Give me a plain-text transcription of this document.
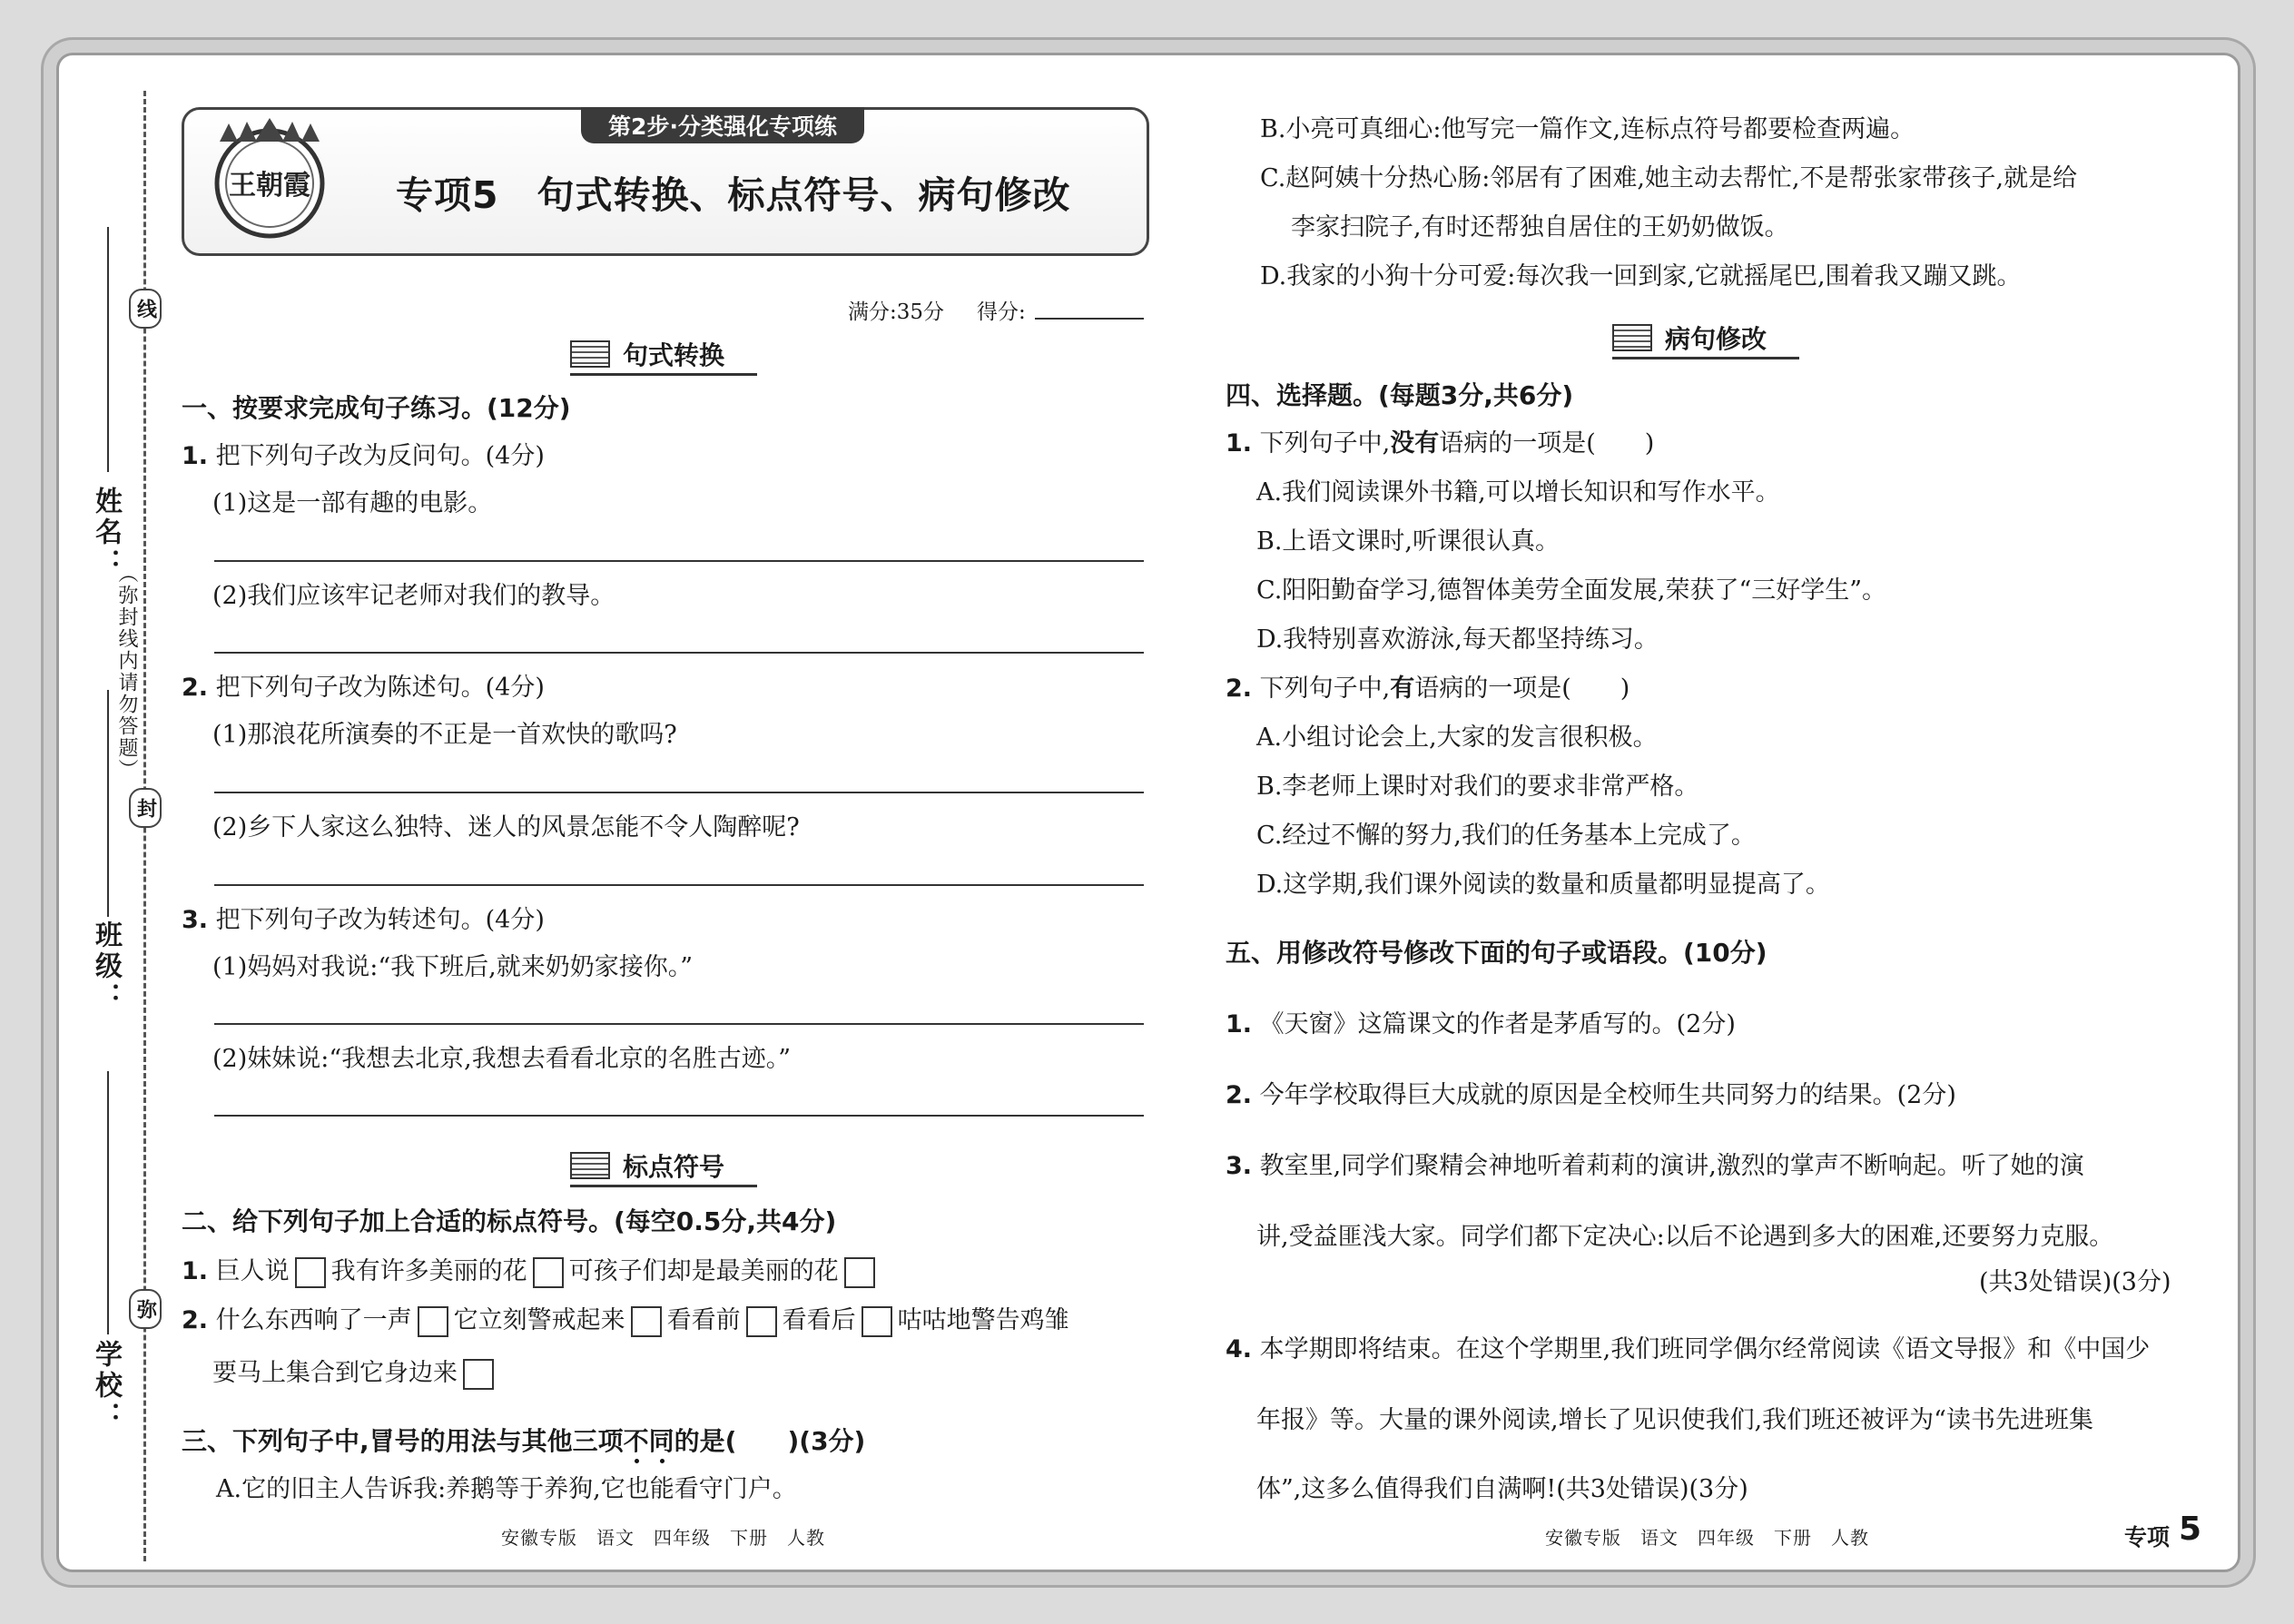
线
封
弥
（弥封线内请勿答题）
姓名：
班级：
学校：
王朝霞
第2步·分类强化专项练
专项5　句式转换、标点符号、病句修改
满分:35分 得分:
句式转换
一、按要求完成句子练习。(12分)
1. 把下列句子改为反问句。(4分)
(1)这是一部有趣的电影。
(2)我们应该牢记老师对我们的教导。
2. 把下列句子改为陈述句。(4分)
(1)那浪花所演奏的不正是一首欢快的歌吗?
(2)乡下人家这么独特、迷人的风景怎能不令人陶醉呢?
3. 把下列句子改为转述句。(4分)
(1)妈妈对我说:“我下班后,就来奶奶家接你。”
(2)妹妹说:“我想去北京,我想去看看北京的名胜古迹。”
标点符号
二、给下列句子加上合适的标点符号。(每空0.5分,共4分)
1. 巨人说 我有许多美丽的花 可孩子们却是最美丽的花
2. 什么东西响了一声 它立刻警戒起来 看看前 看看后 咕咕地警告鸡雏
要马上集合到它身边来
三、下列句子中,冒号的用法与其他三项不同的是(　　)(3分)
A.它的旧主人告诉我:养鹅等于养狗,它也能看守门户。
安徽专版　语文　四年级　下册　人教
B.小亮可真细心:他写完一篇作文,连标点符号都要检查两遍。
C.赵阿姨十分热心肠:邻居有了困难,她主动去帮忙,不是帮张家带孩子,就是给
李家扫院子,有时还帮独自居住的王奶奶做饭。
D.我家的小狗十分可爱:每次我一回到家,它就摇尾巴,围着我又蹦又跳。
病句修改
四、选择题。(每题3分,共6分)
1. 下列句子中,没有语病的一项是(　　)
A.我们阅读课外书籍,可以增长知识和写作水平。
B.上语文课时,听课很认真。
C.阳阳勤奋学习,德智体美劳全面发展,荣获了“三好学生”。
D.我特别喜欢游泳,每天都坚持练习。
2. 下列句子中,有语病的一项是(　　)
A.小组讨论会上,大家的发言很积极。
B.李老师上课时对我们的要求非常严格。
C.经过不懈的努力,我们的任务基本上完成了。
D.这学期,我们课外阅读的数量和质量都明显提高了。
五、用修改符号修改下面的句子或语段。(10分)
1. 《天窗》这篇课文的作者是茅盾写的。(2分)
2. 今年学校取得巨大成就的原因是全校师生共同努力的结果。(2分)
3. 教室里,同学们聚精会神地听着莉莉的演讲,激烈的掌声不断响起。听了她的演
讲,受益匪浅大家。同学们都下定决心:以后不论遇到多大的困难,还要努力克服。
(共3处错误)(3分)
4. 本学期即将结束。在这个学期里,我们班同学偶尔经常阅读《语文导报》和《中国少
年报》等。大量的课外阅读,增长了见识使我们,我们班还被评为“读书先进班集
体”,这多么值得我们自满啊!(共3处错误)(3分)
安徽专版　语文　四年级　下册　人教	专项 5
